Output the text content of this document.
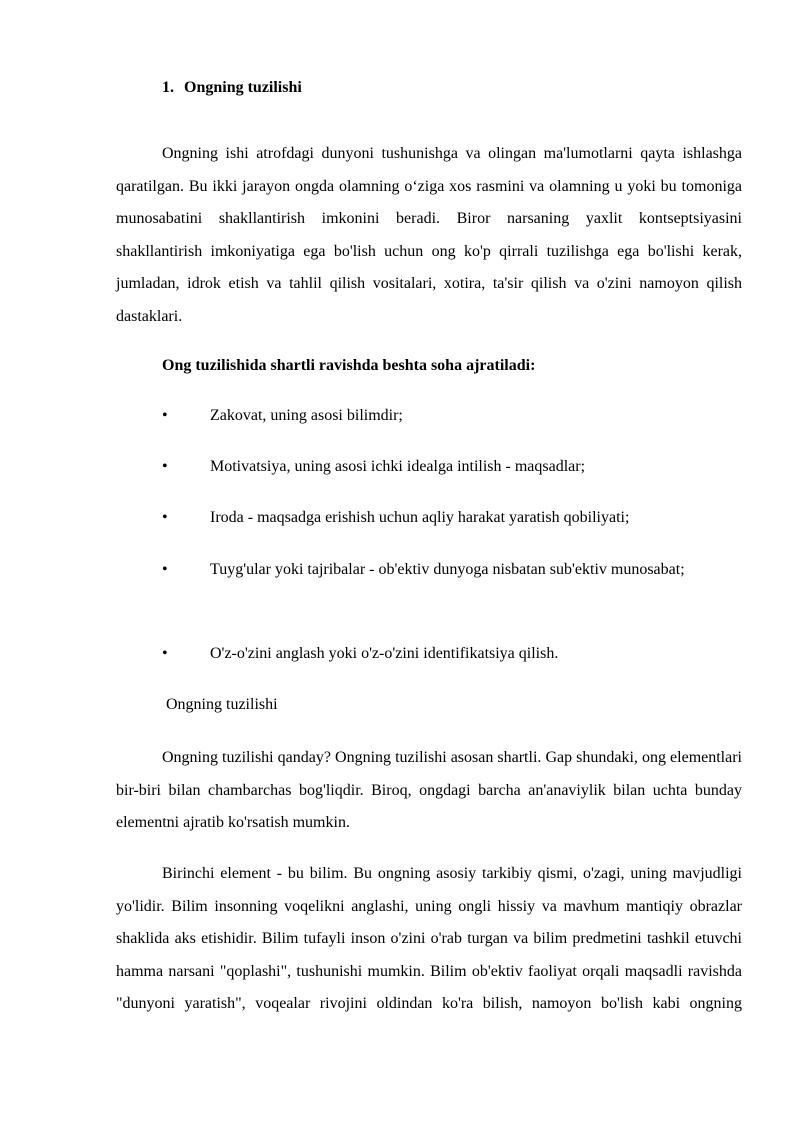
1. Ongning tuzilishi

Ongning ishi atrofdagi dunyoni tushunishga va olingan ma'lumotlarni qayta ishlashga qaratilgan. Bu ikki jarayon ongda olamning o‘ziga xos rasmini va olamning u yoki bu tomoniga munosabatini shakllantirish imkonini beradi. Biror narsaning yaxlit kontseptsiyasini shakllantirish imkoniyatiga ega bo'lish uchun ong ko'p qirrali tuzilishga ega bo'lishi kerak, jumladan, idrok etish va tahlil qilish vositalari, xotira, ta'sir qilish va o'zini namoyon qilish dastaklari.

Ong tuzilishida shartli ravishda beshta soha ajratiladi:
•	Zakovat, uning asosi bilimdir;
•	Motivatsiya, uning asosi ichki idealga intilish - maqsadlar;
•	Iroda - maqsadga erishish uchun aqliy harakat yaratish qobiliyati;
•	Tuyg'ular yoki tajribalar - ob'ektiv dunyoga nisbatan sub'ektiv munosabat;
•	O'z-o'zini anglash yoki o'z-o'zini identifikatsiya qilish.
Ongning tuzilishi

Ongning tuzilishi qanday? Ongning tuzilishi asosan shartli. Gap shundaki, ong elementlari bir-biri bilan chambarchas bog'liqdir. Biroq, ongdagi barcha an'anaviylik bilan uchta bunday elementni ajratib ko'rsatish mumkin.

Birinchi element - bu bilim. Bu ongning asosiy tarkibiy qismi, o'zagi, uning mavjudligi yo'lidir. Bilim insonning voqelikni anglashi, uning ongli hissiy va mavhum mantiqiy obrazlar shaklida aks etishidir. Bilim tufayli inson o'zini o'rab turgan va bilim predmetini tashkil etuvchi hamma narsani "qoplashi", tushunishi mumkin. Bilim ob'ektiv faoliyat orqali maqsadli ravishda "dunyoni yaratish", voqealar rivojini oldindan ko'ra bilish, namoyon bo'lish kabi ongning
